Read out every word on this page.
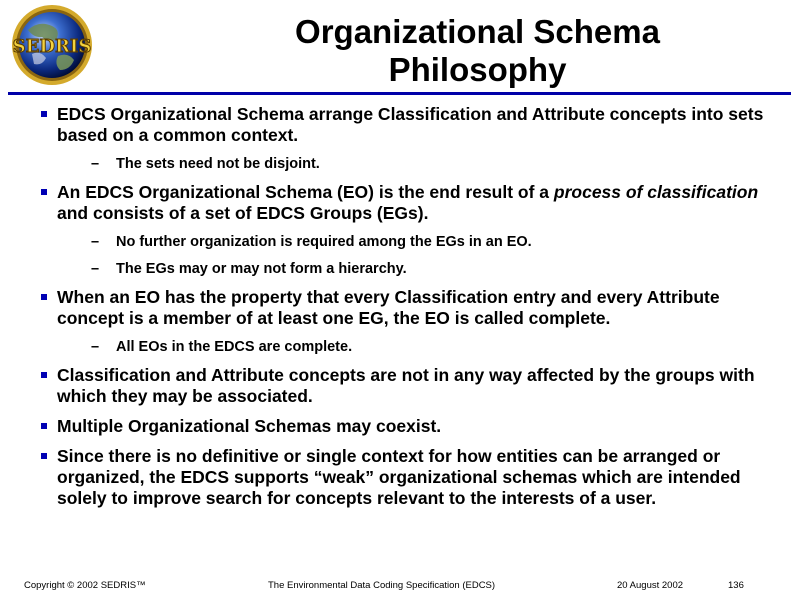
SEDRIS	Organizational Schema
Philosophy
EDCS Organizational Schema arrange Classification and Attribute concepts into sets based on a common context.
– The sets need not be disjoint.
An EDCS Organizational Schema (EO) is the end result of a process of classification and consists of a set of EDCS Groups (EGs).
– No further organization is required among the EGs in an EO.
– The EGs may or may not form a hierarchy.
When an EO has the property that every Classification entry and every Attribute concept is a member of at least one EG, the EO is called complete.
– All EOs in the EDCS are complete.
Classification and Attribute concepts are not in any way affected by the groups with which they may be associated.
Multiple Organizational Schemas may coexist.
Since there is no definitive or single context for how entities can be arranged or organized, the EDCS supports “weak” organizational schemas which are intended solely to improve search for concepts relevant to the interests of a user.
Copyright © 2002 SEDRIS™	The Environmental Data Coding Specification (EDCS)	20 August 2002	136
